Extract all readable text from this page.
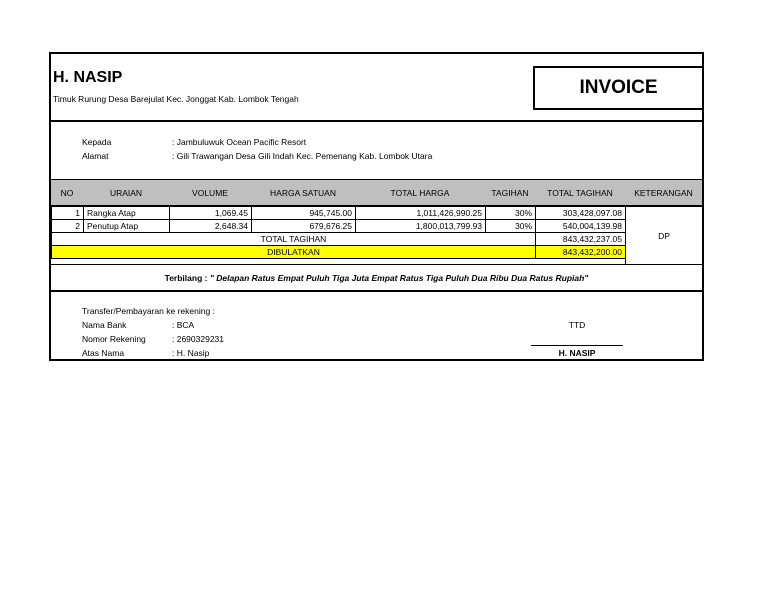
H. NASIP
Timuk Rurung Desa Barejulat Kec. Jonggat Kab. Lombok Tengah
INVOICE
Kepada	: Jambuluwuk Ocean Pacific Resort
Alamat	: Gili Trawangan Desa Gili Indah Kec. Pemenang Kab. Lombok Utara
NO	URAIAN	VOLUME	HARGA SATUAN	TOTAL HARGA	TAGIHAN	TOTAL TAGIHAN	KETERANGAN
1 Rangka Atap	1,069.45	945,745.00	1,011,426,990.25	30%	303,428,097.08
2 Penutup Atap	2,648.34	679,676.25	1,800,013,799.93	30%	540,004,139.98
TOTAL TAGIHAN	843,432,237.05
DIBULATKAN	843,432,200.00
DP
Terbilang :
" Delapan Ratus Empat Puluh Tiga Juta Empat Ratus Tiga Puluh Dua Ribu Dua Ratus Rupiah"
Transfer/Pembayaran ke rekening :
Nama Bank	: BCA
Nomor Rekening	: 2690329231
Atas Nama	: H. Nasip
TTD
H. NASIP
